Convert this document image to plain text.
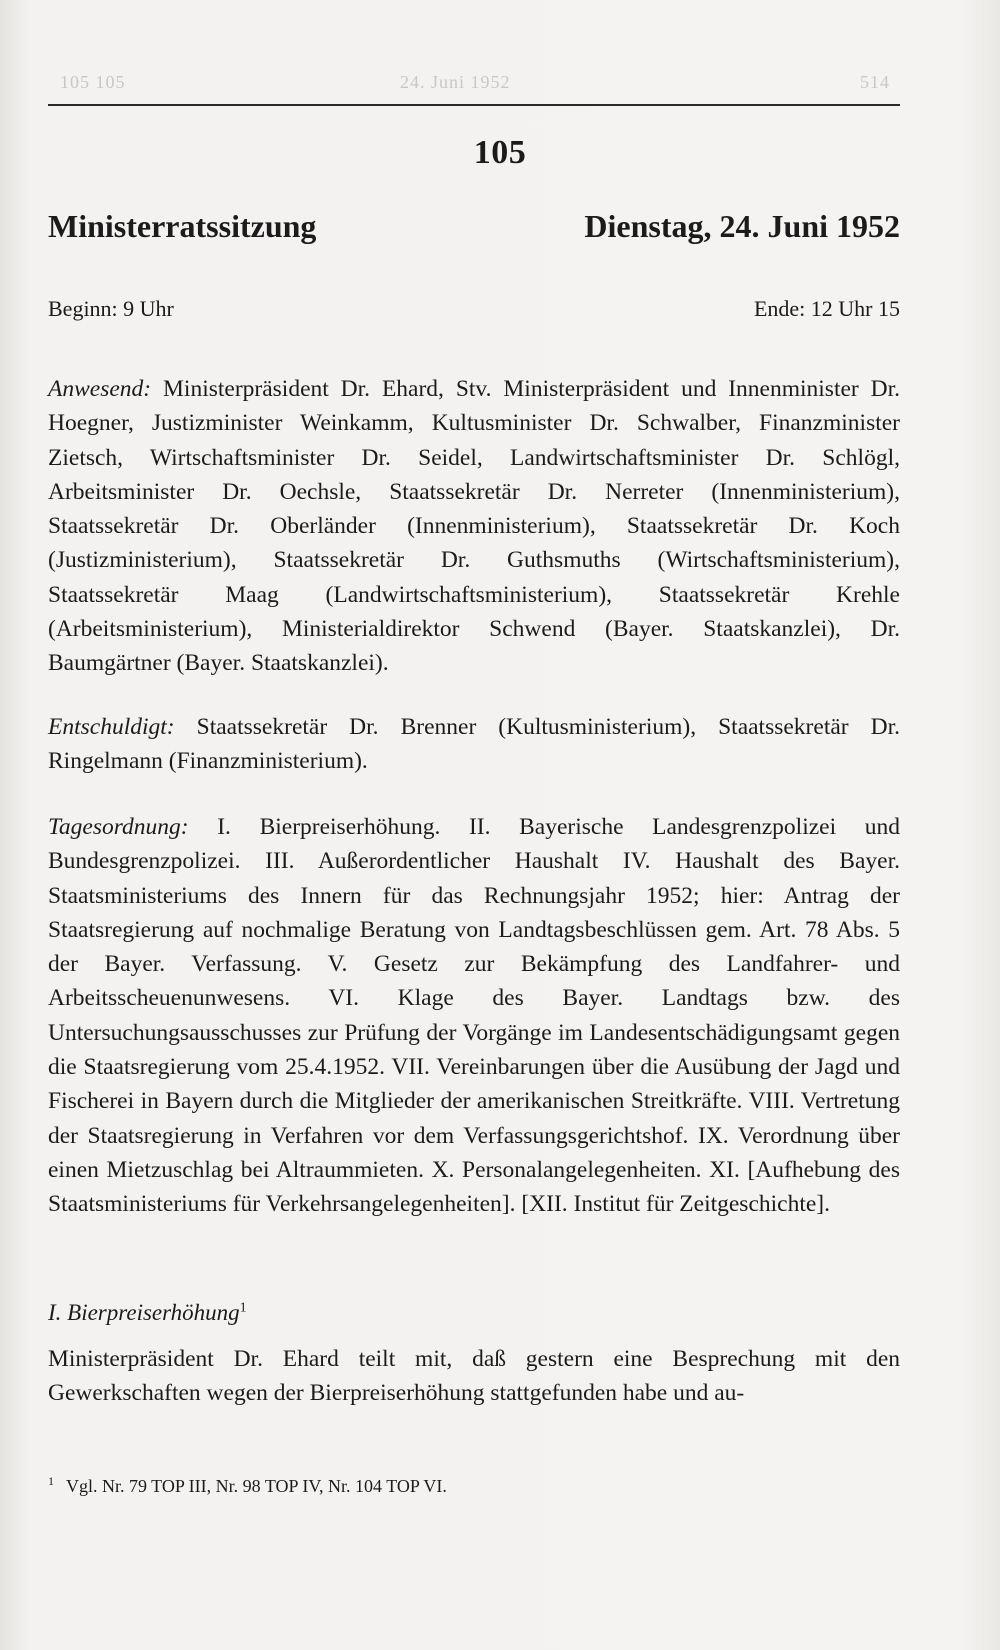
105 105	24. Juni 1952	514
105
Ministerratssitzung	Dienstag, 24. Juni 1952
Beginn: 9 Uhr	Ende: 12 Uhr 15

Anwesend: Ministerpräsident Dr. Ehard, Stv. Ministerpräsident und Innenminister Dr. Hoegner, Justizminister Weinkamm, Kultusminister Dr. Schwalber, Finanzminister Zietsch, Wirtschaftsminister Dr. Seidel, Landwirtschaftsminister Dr. Schlögl, Arbeitsminister Dr. Oechsle, Staatssekretär Dr. Nerreter (Innenministerium), Staatssekretär Dr. Oberländer (Innenministerium), Staatssekretär Dr. Koch (Justizministerium), Staatssekretär Dr. Guthsmuths (Wirtschaftsministerium), Staatssekretär Maag (Landwirtschaftsministerium), Staatssekretär Krehle (Arbeitsministerium), Ministerialdirektor Schwend (Bayer. Staatskanzlei), Dr. Baumgärtner (Bayer. Staatskanzlei).

Entschuldigt: Staatssekretär Dr. Brenner (Kultusministerium), Staatssekretär Dr. Ringelmann (Finanzministerium).

Tagesordnung: I. Bierpreiserhöhung. II. Bayerische Landesgrenzpolizei und Bundesgrenzpolizei. III. Außerordentlicher Haushalt IV. Haushalt des Bayer. Staatsministeriums des Innern für das Rechnungsjahr 1952; hier: Antrag der Staatsregierung auf nochmalige Beratung von Landtagsbeschlüssen gem. Art. 78 Abs. 5 der Bayer. Verfassung. V. Gesetz zur Bekämpfung des Landfahrer- und Arbeitsscheuenunwesens. VI. Klage des Bayer. Landtags bzw. des Untersuchungsausschusses zur Prüfung der Vorgänge im Landesentschädigungsamt gegen die Staatsregierung vom 25.4.1952. VII. Vereinbarungen über die Ausübung der Jagd und Fischerei in Bayern durch die Mitglieder der amerikanischen Streitkräfte. VIII. Vertretung der Staatsregierung in Verfahren vor dem Verfassungsgerichtshof. IX. Verordnung über einen Mietzuschlag bei Altraummieten. X. Personalangelegenheiten. XI. [Aufhebung des Staatsministeriums für Verkehrsangelegenheiten]. [XII. Institut für Zeitgeschichte].

I. Bierpreiserhöhung$^1$

Ministerpräsident Dr. Ehard teilt mit, daß gestern eine Besprechung mit den Gewerkschaften wegen der Bierpreiserhöhung stattgefunden habe und au-

$^1$ Vgl. Nr. 79 TOP III, Nr. 98 TOP IV, Nr. 104 TOP VI.
